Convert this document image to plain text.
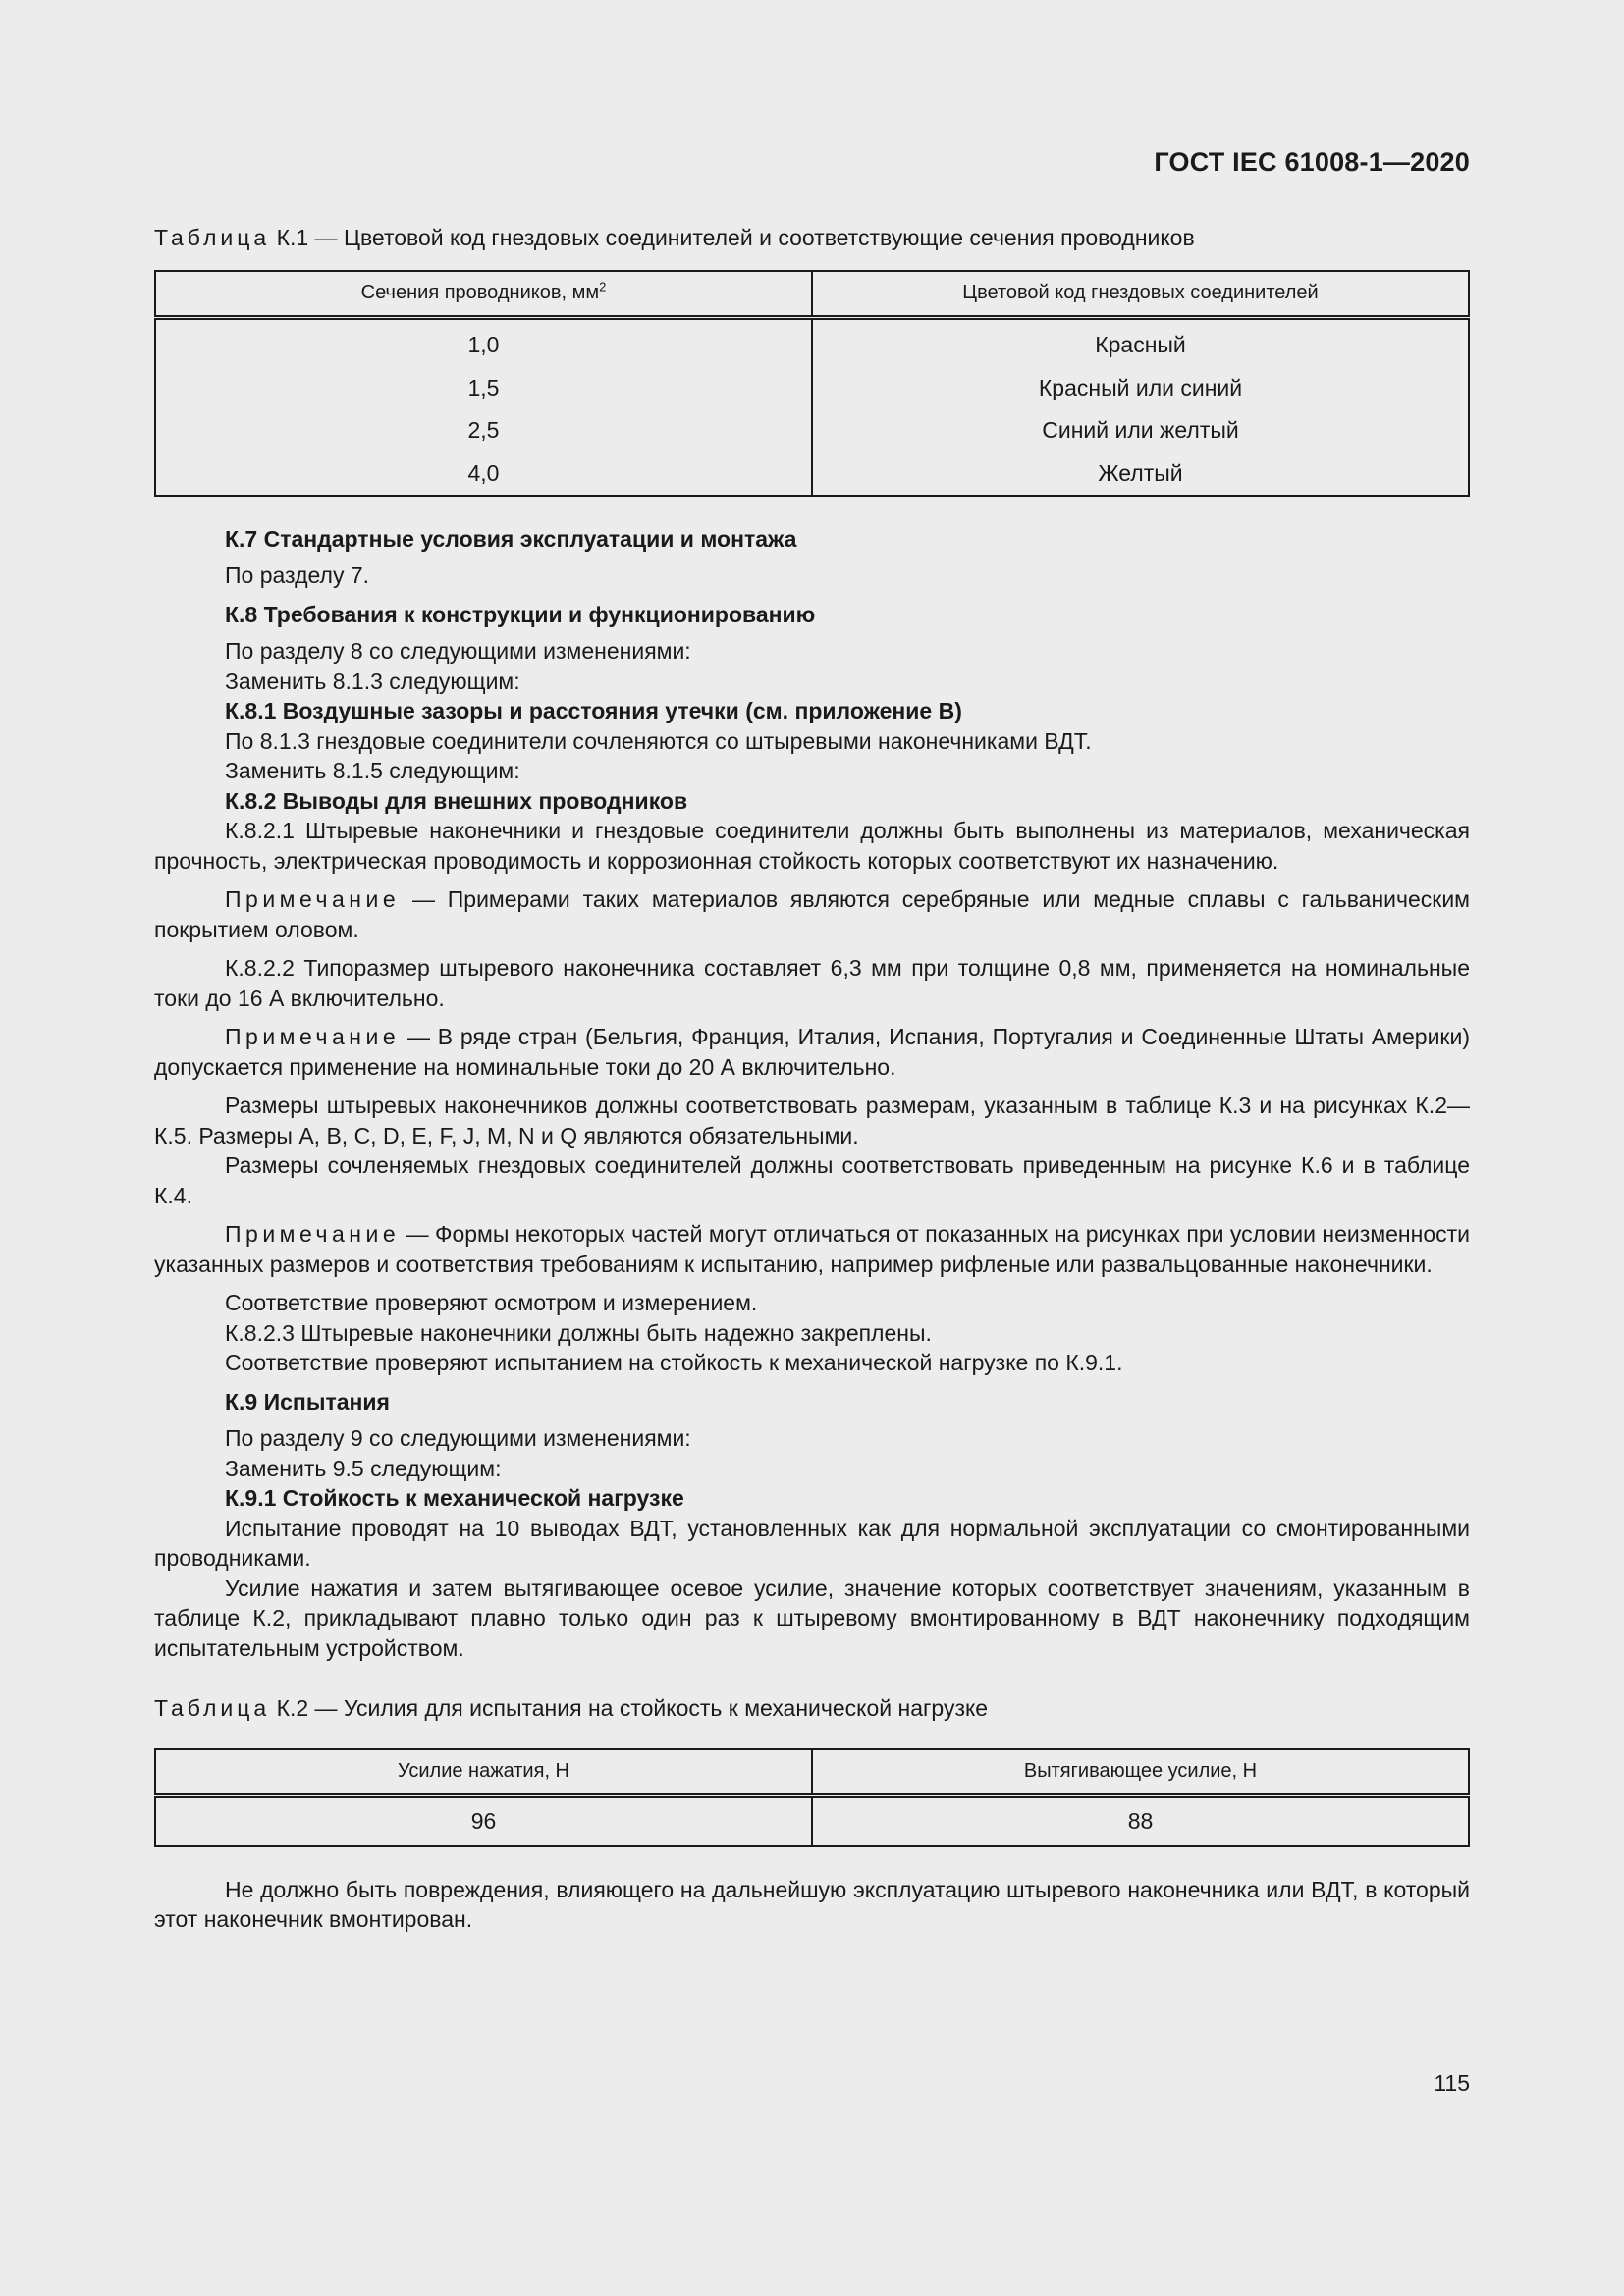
ГОСТ IEC 61008-1—2020

Таблица К.1 — Цветовой код гнездовых соединителей и соответствующие сечения проводников

Сечения проводников, $мм^2$	Цветовой код гнездовых соединителей
1,0	Красный
1,5	Красный или синий
2,5	Синий или желтый
4,0	Желтый

К.7 Стандартные условия эксплуатации и монтажа

По разделу 7.

К.8 Требования к конструкции и функционированию

По разделу 8 со следующими изменениями:

Заменить 8.1.3 следующим:

К.8.1 Воздушные зазоры и расстояния утечки (см. приложение B)

По 8.1.3 гнездовые соединители сочленяются со штыревыми наконечниками ВДТ.

Заменить 8.1.5 следующим:

К.8.2 Выводы для внешних проводников

К.8.2.1 Штыревые наконечники и гнездовые соединители должны быть выполнены из материалов, механическая прочность, электрическая проводимость и коррозионная стойкость которых соответствуют их назначению.

Примечание — Примерами таких материалов являются серебряные или медные сплавы с гальваническим покрытием оловом.

К.8.2.2 Типоразмер штыревого наконечника составляет 6,3 мм при толщине 0,8 мм, применяется на номинальные токи до 16 А включительно.

Примечание — В ряде стран (Бельгия, Франция, Италия, Испания, Португалия и Соединенные Штаты Америки) допускается применение на номинальные токи до 20 А включительно.

Размеры штыревых наконечников должны соответствовать размерам, указанным в таблице К.3 и на рисунках К.2—К.5. Размеры A, B, C, D, E, F, J, M, N и Q являются обязательными.

Размеры сочленяемых гнездовых соединителей должны соответствовать приведенным на рисунке К.6 и в таблице К.4.

Примечание — Формы некоторых частей могут отличаться от показанных на рисунках при условии неизменности указанных размеров и соответствия требованиям к испытанию, например рифленые или развальцованные наконечники.

Соответствие проверяют осмотром и измерением.

К.8.2.3 Штыревые наконечники должны быть надежно закреплены.

Соответствие проверяют испытанием на стойкость к механической нагрузке по К.9.1.

К.9 Испытания

По разделу 9 со следующими изменениями:

Заменить 9.5 следующим:

К.9.1 Стойкость к механической нагрузке

Испытание проводят на 10 выводах ВДТ, установленных как для нормальной эксплуатации со смонтированными проводниками.

Усилие нажатия и затем вытягивающее осевое усилие, значение которых соответствует значениям, указанным в таблице К.2, прикладывают плавно только один раз к штыревому вмонтированному в ВДТ наконечнику подходящим испытательным устройством.

Таблица К.2 — Усилия для испытания на стойкость к механической нагрузке

Усилие нажатия, Н	Вытягивающее усилие, Н
96	88

Не должно быть повреждения, влияющего на дальнейшую эксплуатацию штыревого наконечника или ВДТ, в который этот наконечник вмонтирован.

115
